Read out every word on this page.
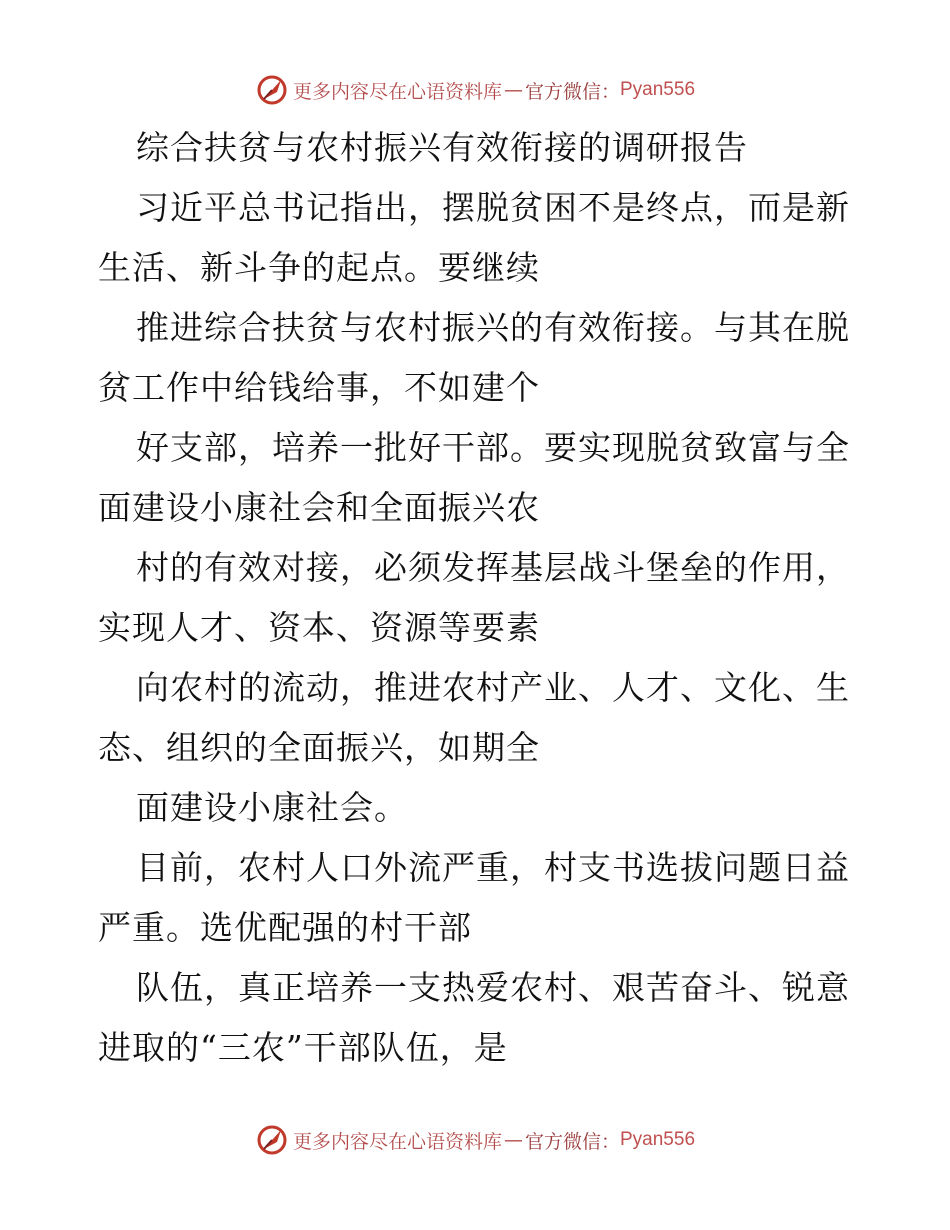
更多内容尽在心语资料库 — 官方微信： Pyan556
综合扶贫与农村振兴有效衔接的调研报告
习近平总书记指出，摆脱贫困不是终点，而是新
生活、新斗争的起点。要继续
推进综合扶贫与农村振兴的有效衔接。与其在脱
贫工作中给钱给事，不如建个
好支部，培养一批好干部。要实现脱贫致富与全
面建设小康社会和全面振兴农
村的有效对接，必须发挥基层战斗堡垒的作用，
实现人才、资本、资源等要素
向农村的流动，推进农村产业、人才、文化、生
态、组织的全面振兴，如期全
面建设小康社会。
目前，农村人口外流严重，村支书选拔问题日益
严重。选优配强的村干部
队伍，真正培养一支热爱农村、艰苦奋斗、锐意
进取的“三农”干部队伍，是
更多内容尽在心语资料库 — 官方微信： Pyan556
